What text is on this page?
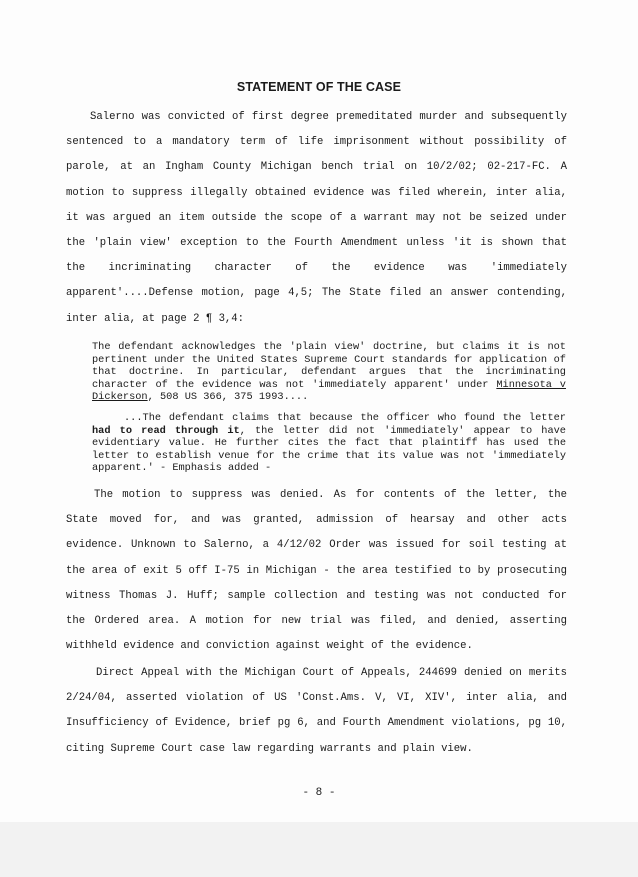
STATEMENT OF THE CASE
Salerno was convicted of first degree premeditated murder and subsequently sentenced to a mandatory term of life imprisonment without possibility of parole, at an Ingham County Michigan bench trial on 10/2/02; 02-217-FC. A motion to suppress illegally obtained evidence was filed wherein, inter alia, it was argued an item outside the scope of a warrant may not be seized under the 'plain view' exception to the Fourth Amendment unless 'it is shown that the incriminating character of the evidence was 'immediately apparent'....Defense motion, page 4,5; The State filed an answer contending, inter alia, at page 2 ¶ 3,4:
The defendant acknowledges the 'plain view' doctrine, but claims it is not pertinent under the United States Supreme Court standards for application of that doctrine. In particular, defendant argues that the incriminating character of the evidence was not 'immediately apparent' under Minnesota v Dickerson, 508 US 366, 375 1993....
...The defendant claims that because the officer who found the letter had to read through it, the letter did not 'immediately' appear to have evidentiary value. He further cites the fact that plaintiff has used the letter to establish venue for the crime that its value was not 'immediately apparent.' - Emphasis added -
The motion to suppress was denied. As for contents of the letter, the State moved for, and was granted, admission of hearsay and other acts evidence. Unknown to Salerno, a 4/12/02 Order was issued for soil testing at the area of exit 5 off I-75 in Michigan - the area testified to by prosecuting witness Thomas J. Huff; sample collection and testing was not conducted for the Ordered area. A motion for new trial was filed, and denied, asserting withheld evidence and conviction against weight of the evidence.
Direct Appeal with the Michigan Court of Appeals, 244699 denied on merits 2/24/04, asserted violation of US 'Const.Ams. V, VI, XIV', inter alia, and Insufficiency of Evidence, brief pg 6, and Fourth Amendment violations, pg 10, citing Supreme Court case law regarding warrants and plain view.
- 8 -
